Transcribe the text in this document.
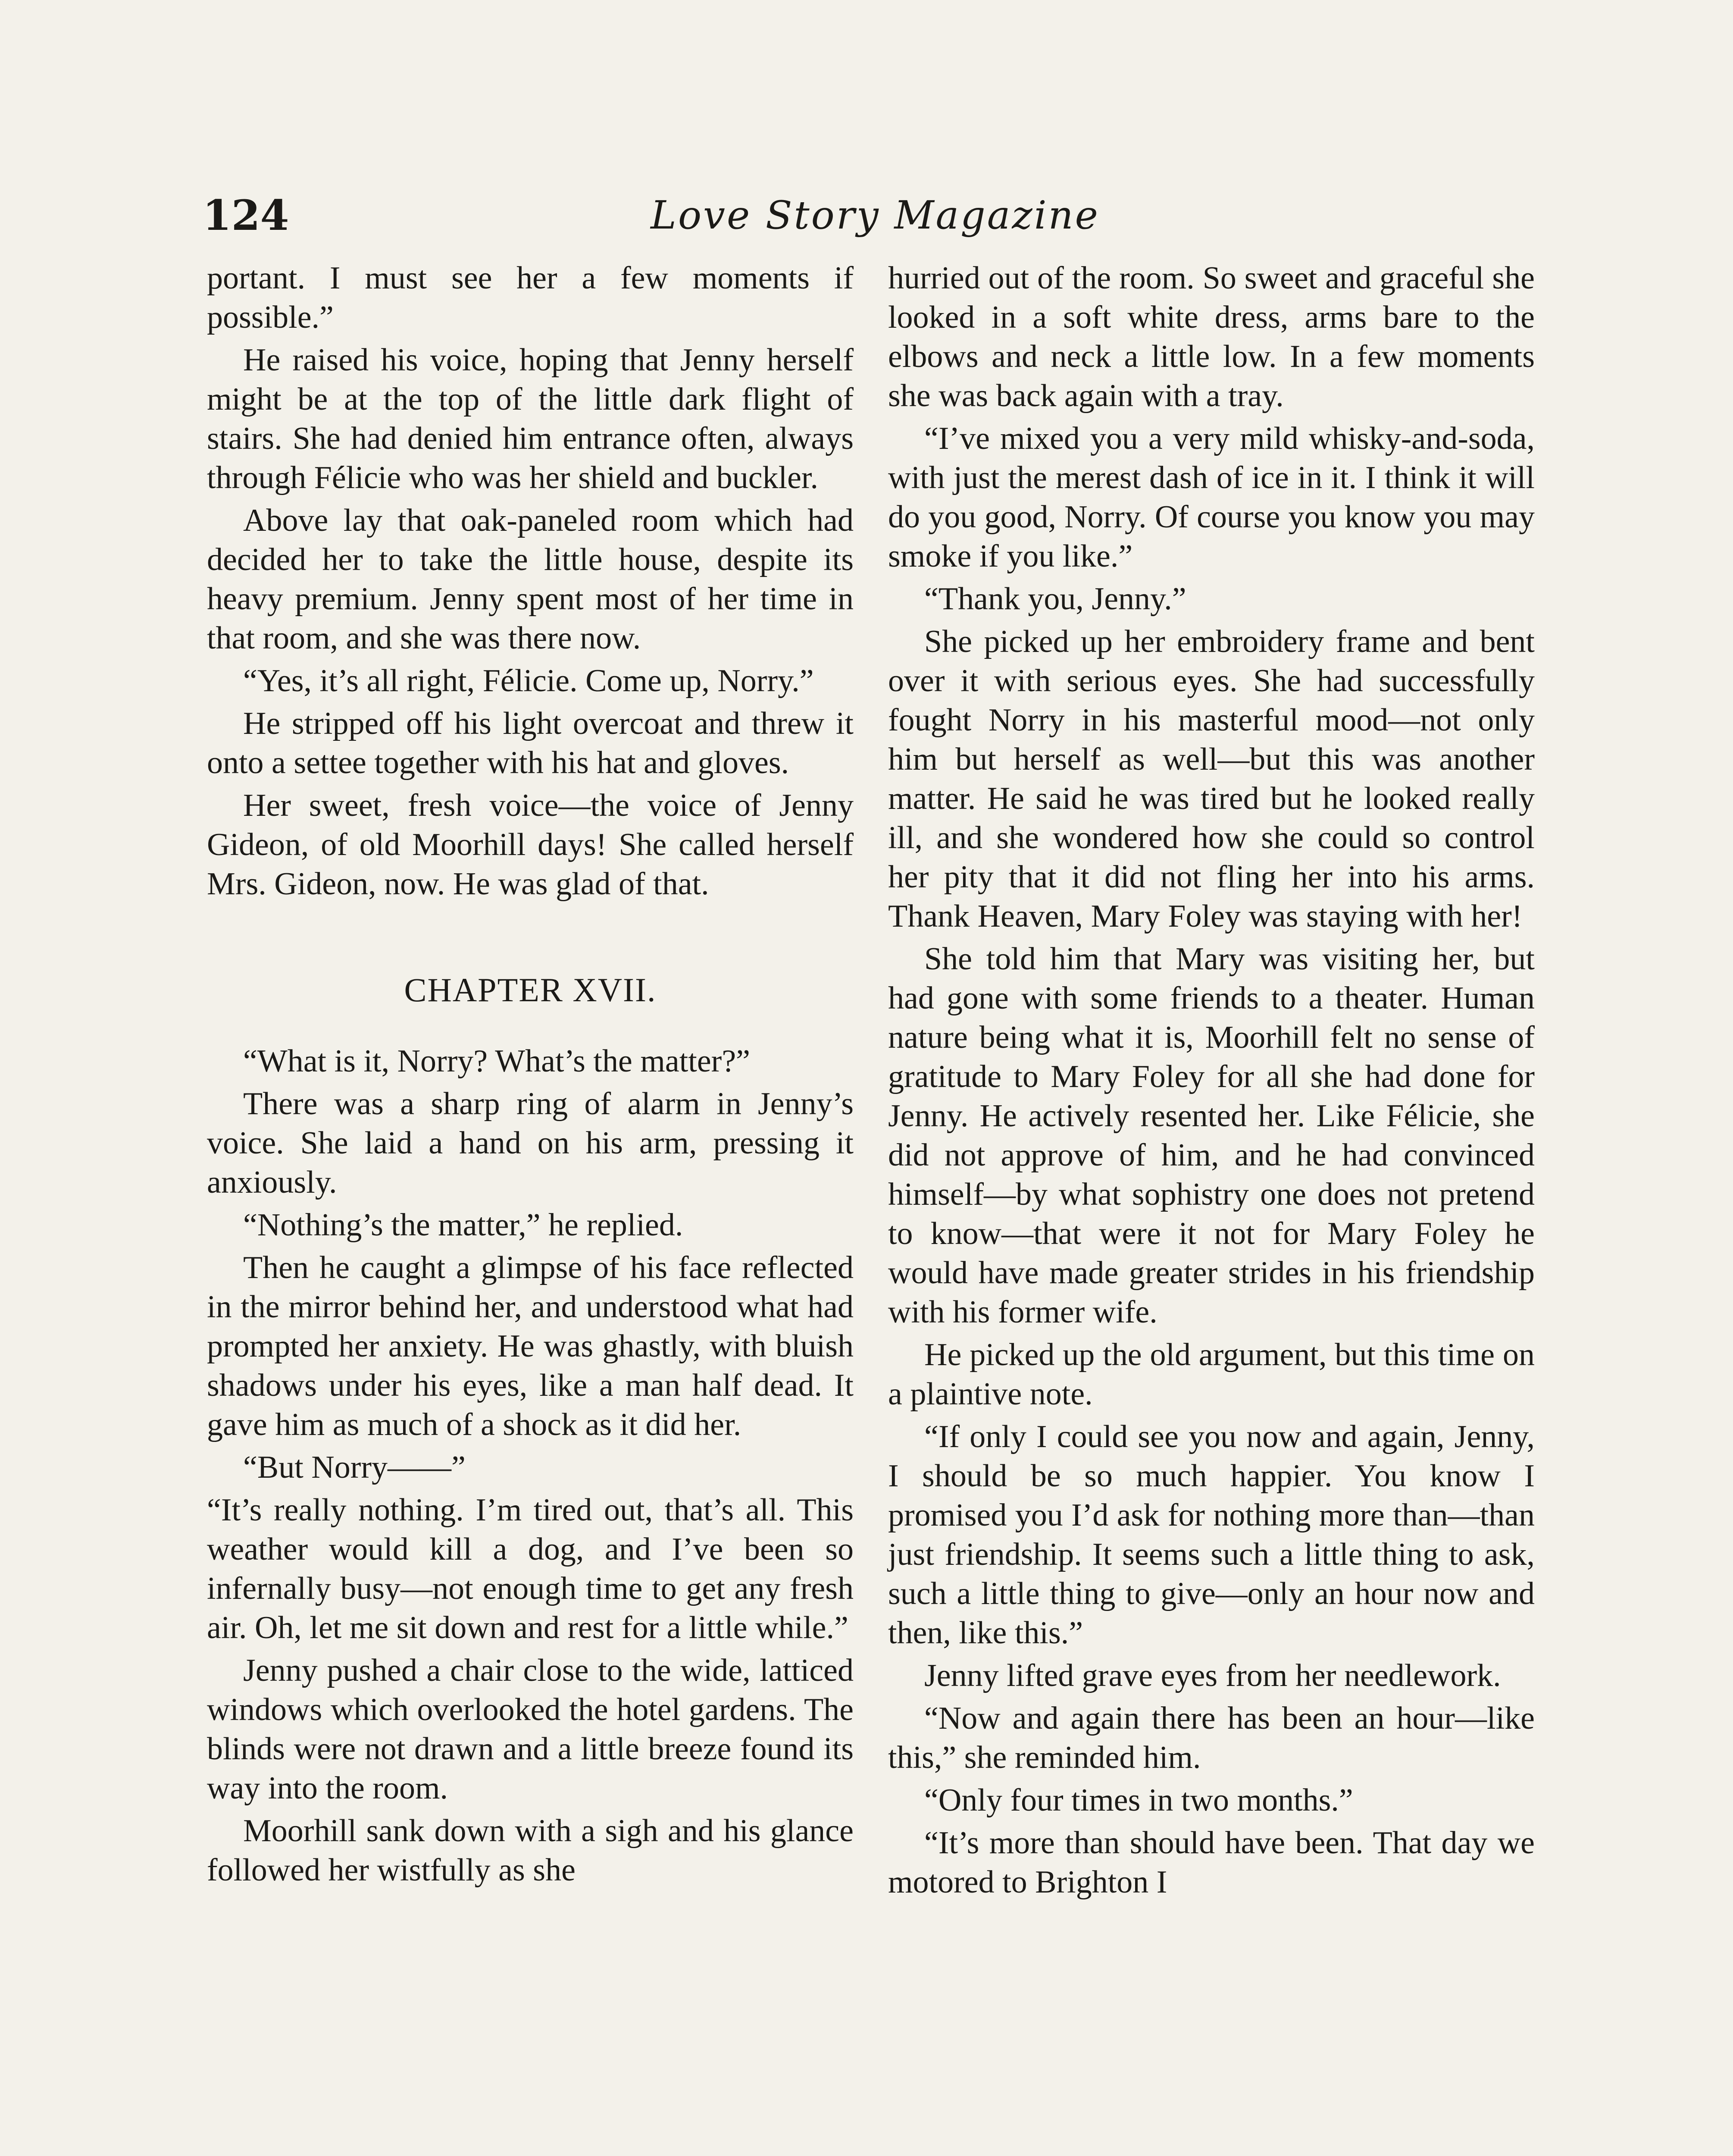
124	Love Story Magazine

portant. I must see her a few moments if possible.”

He raised his voice, hoping that Jenny herself might be at the top of the little dark flight of stairs. She had denied him entrance often, always through Félicie who was her shield and buckler.

Above lay that oak-paneled room which had decided her to take the little house, despite its heavy premium. Jenny spent most of her time in that room, and she was there now.

“Yes, it’s all right, Félicie. Come up, Norry.”

He stripped off his light overcoat and threw it onto a settee together with his hat and gloves.

Her sweet, fresh voice—the voice of Jenny Gideon, of old Moorhill days! She called herself Mrs. Gideon, now. He was glad of that.

CHAPTER XVII.

“What is it, Norry? What’s the matter?”

There was a sharp ring of alarm in Jenny’s voice. She laid a hand on his arm, pressing it anxiously.

“Nothing’s the matter,” he replied.

Then he caught a glimpse of his face reflected in the mirror behind her, and understood what had prompted her anxiety. He was ghastly, with bluish shadows under his eyes, like a man half dead. It gave him as much of a shock as it did her.

“But Norry——”

“It’s really nothing. I’m tired out, that’s all. This weather would kill a dog, and I’ve been so infernally busy—not enough time to get any fresh air. Oh, let me sit down and rest for a little while.”

Jenny pushed a chair close to the wide, latticed windows which overlooked the hotel gardens. The blinds were not drawn and a little breeze found its way into the room.

Moorhill sank down with a sigh and his glance followed her wistfully as she

hurried out of the room. So sweet and graceful she looked in a soft white dress, arms bare to the elbows and neck a little low. In a few moments she was back again with a tray.

“I’ve mixed you a very mild whisky-and-soda, with just the merest dash of ice in it. I think it will do you good, Norry. Of course you know you may smoke if you like.”

“Thank you, Jenny.”

She picked up her embroidery frame and bent over it with serious eyes. She had successfully fought Norry in his masterful mood—not only him but herself as well—but this was another matter. He said he was tired but he looked really ill, and she wondered how she could so control her pity that it did not fling her into his arms. Thank Heaven, Mary Foley was staying with her!

She told him that Mary was visiting her, but had gone with some friends to a theater. Human nature being what it is, Moorhill felt no sense of gratitude to Mary Foley for all she had done for Jenny. He actively resented her. Like Félicie, she did not approve of him, and he had convinced himself—by what sophistry one does not pretend to know—that were it not for Mary Foley he would have made greater strides in his friendship with his former wife.

He picked up the old argument, but this time on a plaintive note.

“If only I could see you now and again, Jenny, I should be so much happier. You know I promised you I’d ask for nothing more than—than just friendship. It seems such a little thing to ask, such a little thing to give—only an hour now and then, like this.”

Jenny lifted grave eyes from her needlework.

“Now and again there has been an hour—like this,” she reminded him.

“Only four times in two months.”

“It’s more than should have been. That day we motored to Brighton I
